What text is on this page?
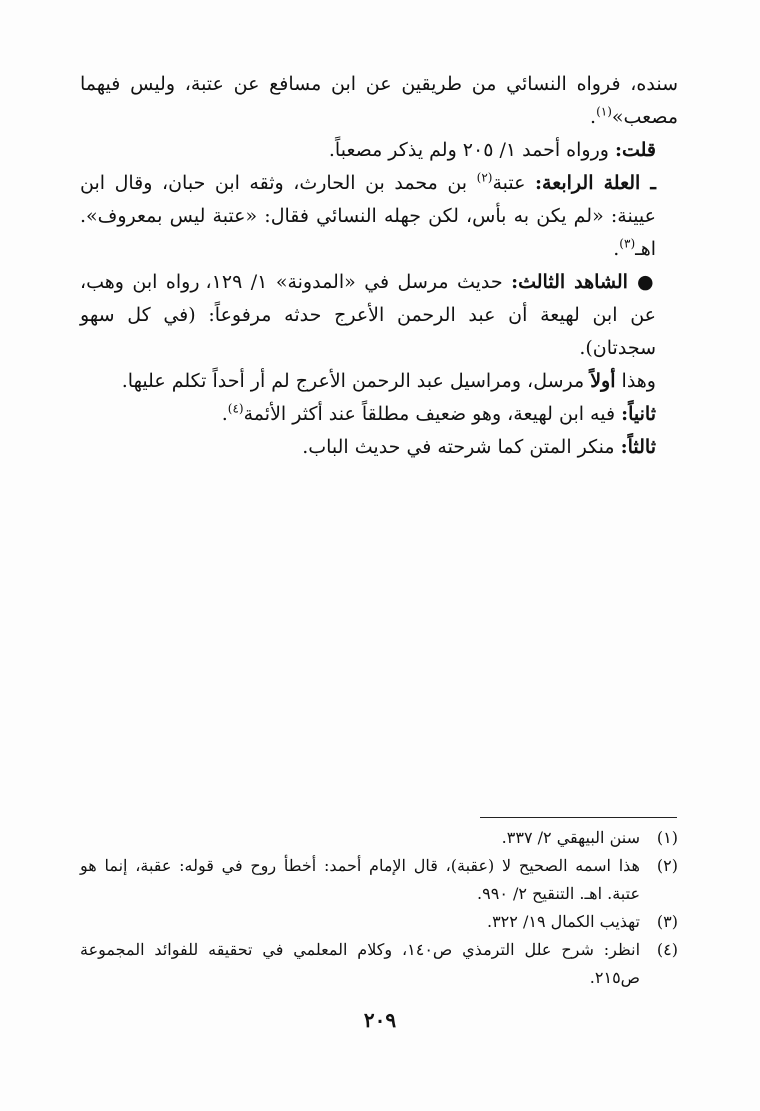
سنده، فرواه النسائي من طريقين عن ابن مسافع عن عتبة، وليس فيهما مصعب»$^{(١)}$.

قلت: ورواه أحمد ١/ ٢٠٥ ولم يذكر مصعباً.

ـ العلة الرابعة: عتبة$^{(٢)}$ بن محمد بن الحارث، وثقه ابن حبان، وقال ابن عيينة: «لم يكن به بأس، لكن جهله النسائي فقال: «عتبة ليس بمعروف». اهـ$^{(٣)}$.

● الشاهد الثالث: حديث مرسل في «المدونة» ١/ ١٢٩، رواه ابن وهب، عن ابن لهيعة أن عبد الرحمن الأعرج حدثه مرفوعاً: (في كل سهو سجدتان).

وهذا أولاً مرسل، ومراسيل عبد الرحمن الأعرج لم أر أحداً تكلم عليها.

ثانياً: فيه ابن لهيعة، وهو ضعيف مطلقاً عند أكثر الأئمة$^{(٤)}$.

ثالثاً: منكر المتن كما شرحته في حديث الباب.

(١)
سنن البيهقي ٢/ ٣٣٧.

(٢)
هذا اسمه الصحيح لا (عقبة)، قال الإمام أحمد: أخطأ روح في قوله: عقبة، إنما هو عتبة. اهـ. التنقيح ٢/ ٩٩٠.

(٣)
تهذيب الكمال ١٩/ ٣٢٢.

(٤)
انظر: شرح علل الترمذي ص١٤٠، وكلام المعلمي في تحقيقه للفوائد المجموعة ص٢١٥.

٢٠٩
